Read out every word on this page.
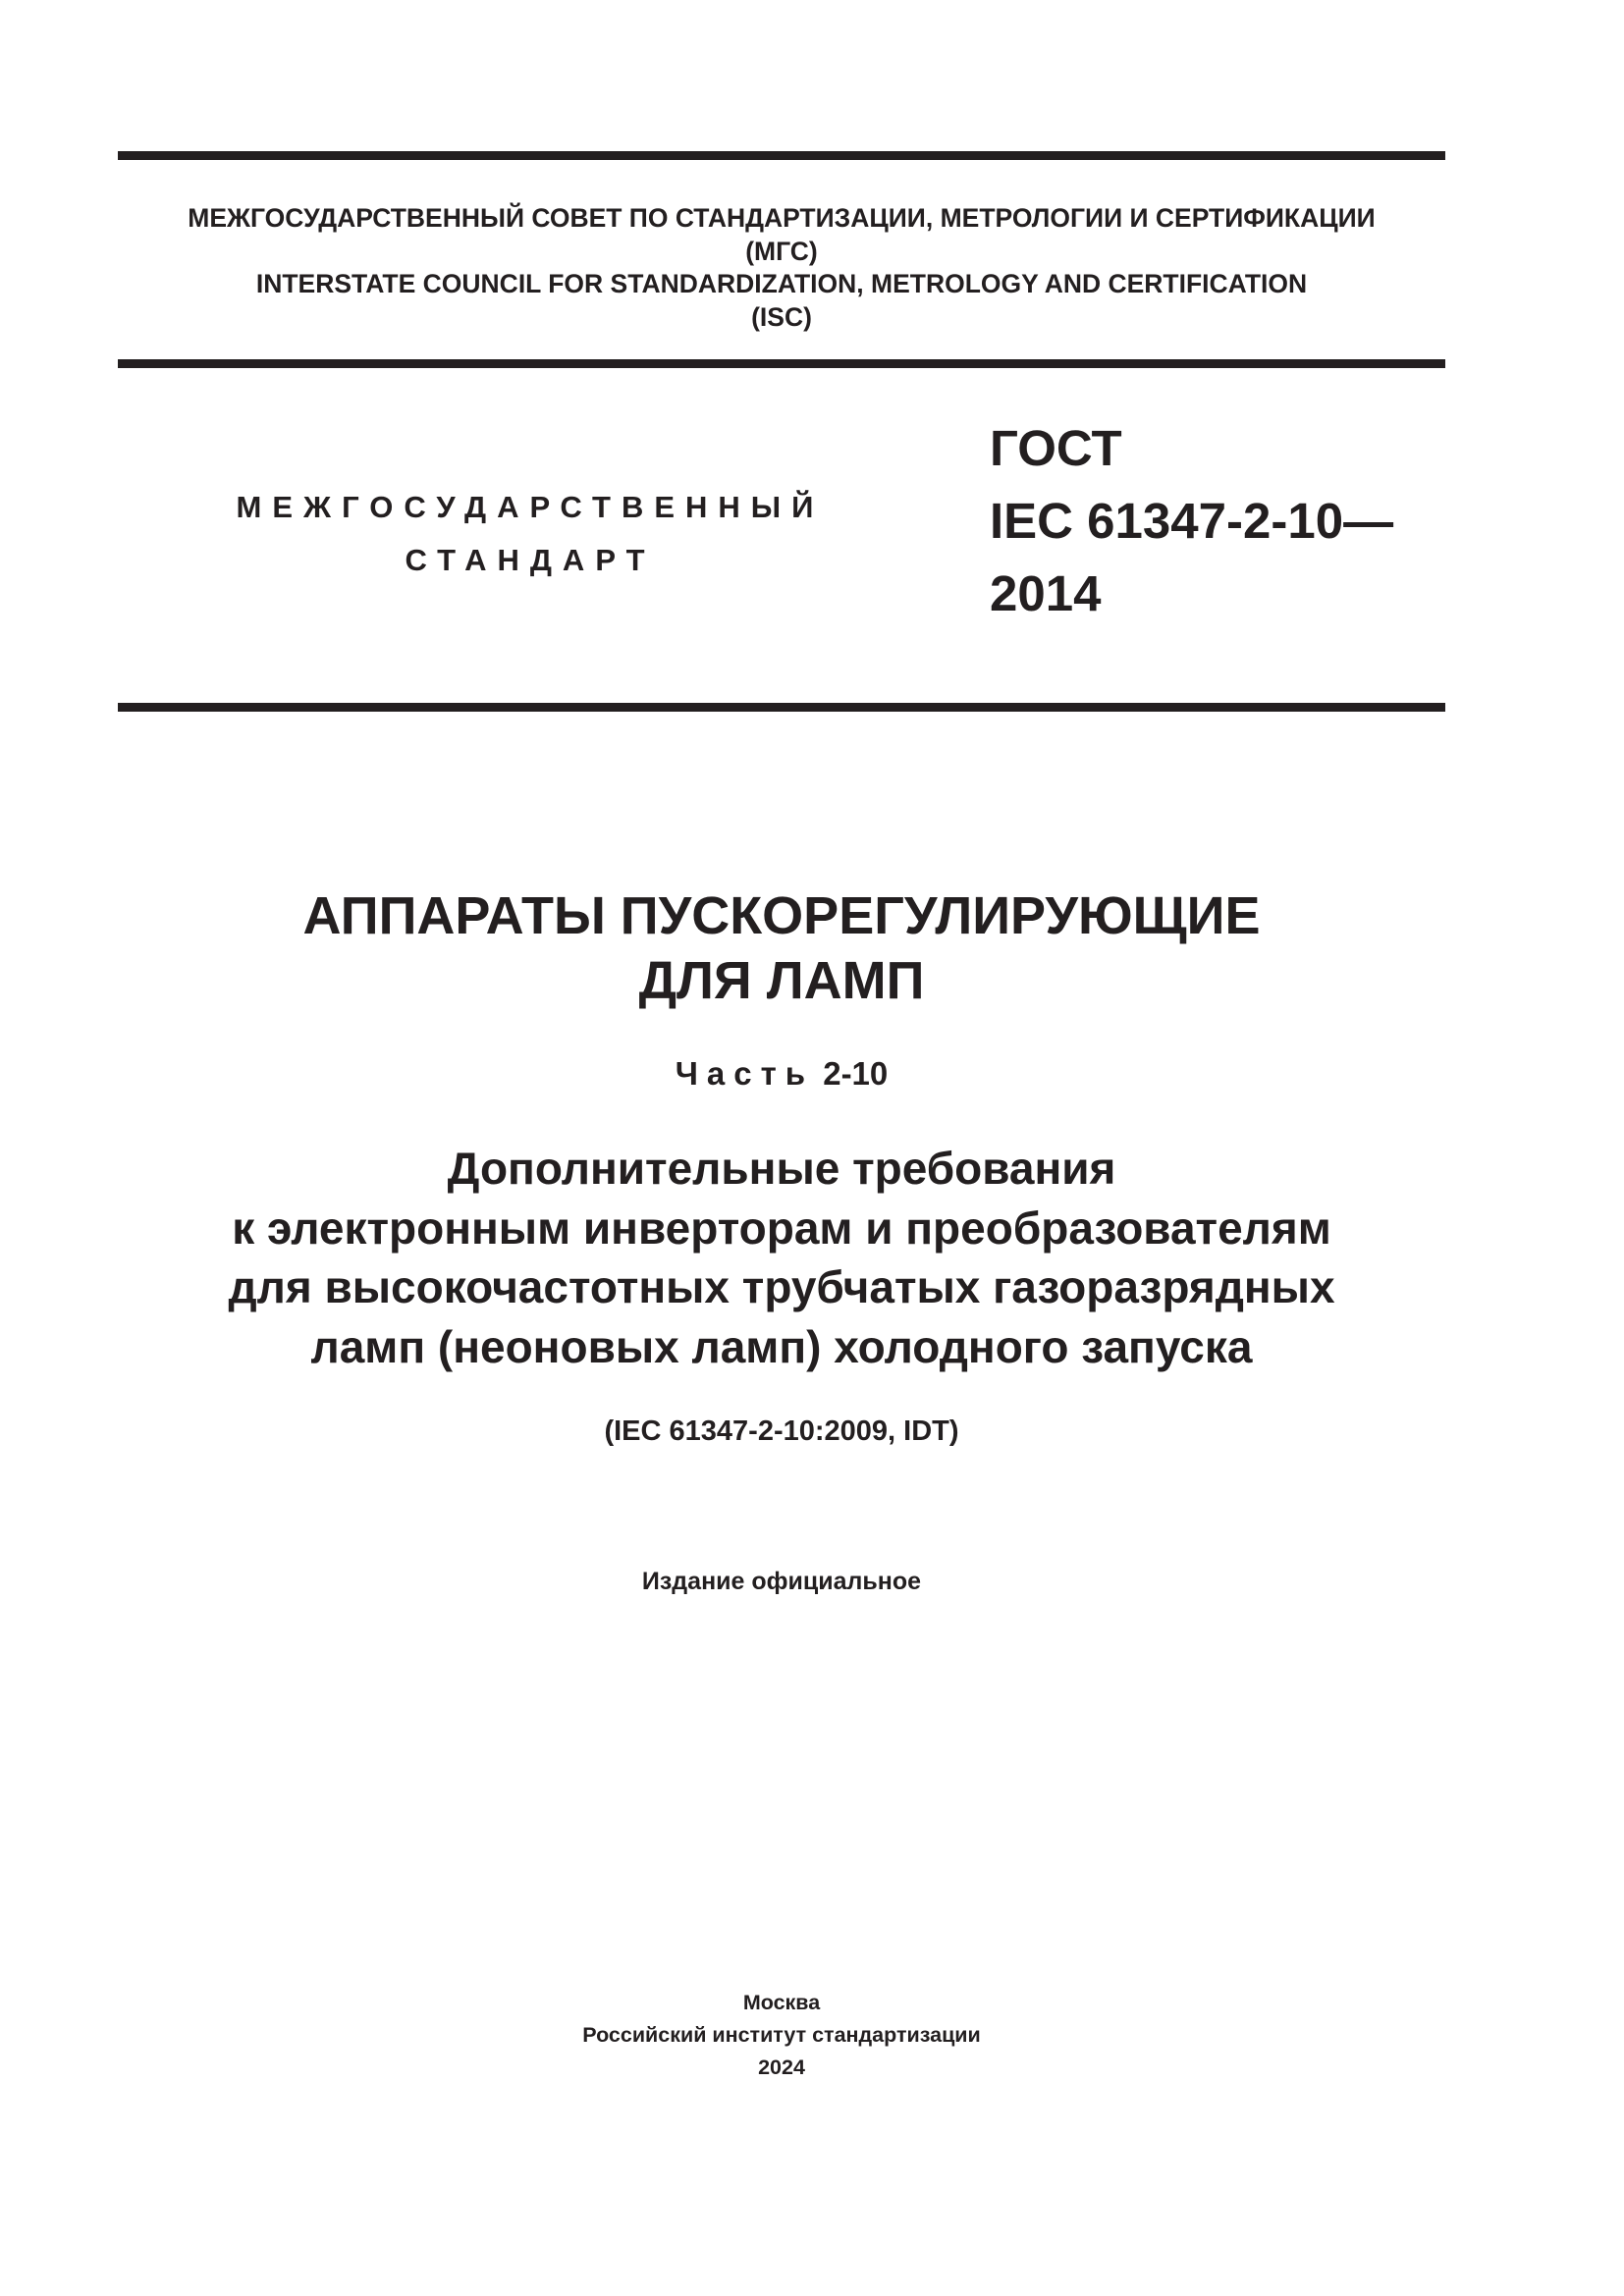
МЕЖГОСУДАРСТВЕННЫЙ СОВЕТ ПО СТАНДАРТИЗАЦИИ, МЕТРОЛОГИИ И СЕРТИФИКАЦИИ
(МГС)
INTERSTATE COUNCIL FOR STANDARDIZATION, METROLOGY AND CERTIFICATION
(ISC)
МЕЖГОСУДАРСТВЕННЫЙ
СТАНДАРТ
ГОСТ
IEC 61347-2-10—
2014
АППАРАТЫ ПУСКОРЕГУЛИРУЮЩИЕ
ДЛЯ ЛАМП
Часть 2-10
Дополнительные требования
к электронным инверторам и преобразователям
для высокочастотных трубчатых газоразрядных
ламп (неоновых ламп) холодного запуска
(IEC 61347-2-10:2009, IDT)
Издание официальное
Москва
Российский институт стандартизации
2024
